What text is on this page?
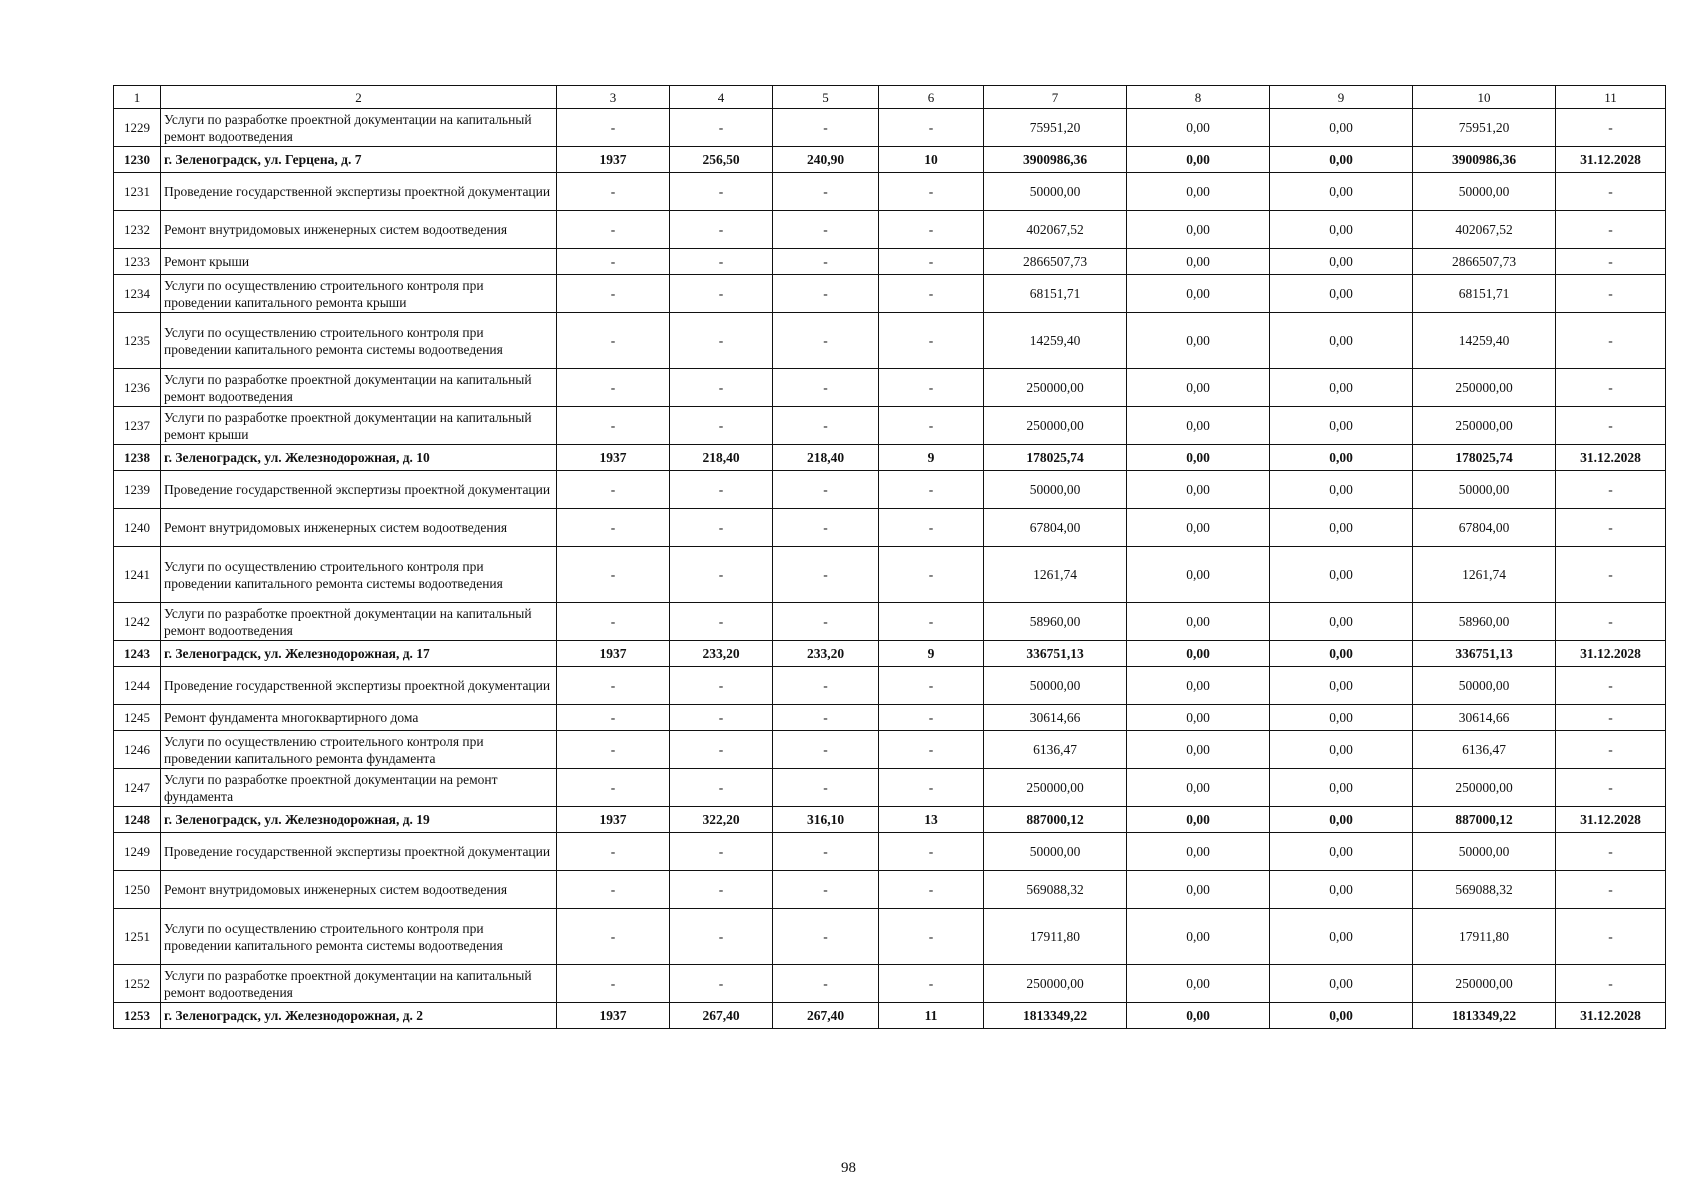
1	2	3	4	5	6	7	8	9	10	11
1229	Услуги по разработке проектной документации на капитальный ремонт водоотведения	-	-	-	-	75951,20	0,00	0,00	75951,20	-
1230	г. Зеленоградск, ул. Герцена, д. 7	1937	256,50	240,90	10	3900986,36	0,00	0,00	3900986,36	31.12.2028
1231	Проведение государственной экспертизы проектной документации	-	-	-	-	50000,00	0,00	0,00	50000,00	-
1232	Ремонт внутридомовых инженерных систем водоотведения	-	-	-	-	402067,52	0,00	0,00	402067,52	-
1233	Ремонт крыши	-	-	-	-	2866507,73	0,00	0,00	2866507,73	-
1234	Услуги по осуществлению строительного контроля при проведении капитального ремонта крыши	-	-	-	-	68151,71	0,00	0,00	68151,71	-
1235	Услуги по осуществлению строительного контроля при проведении капитального ремонта системы водоотведения	-	-	-	-	14259,40	0,00	0,00	14259,40	-
1236	Услуги по разработке проектной документации на капитальный ремонт водоотведения	-	-	-	-	250000,00	0,00	0,00	250000,00	-
1237	Услуги по разработке проектной документации на капитальный ремонт крыши	-	-	-	-	250000,00	0,00	0,00	250000,00	-
1238	г. Зеленоградск, ул. Железнодорожная, д. 10	1937	218,40	218,40	9	178025,74	0,00	0,00	178025,74	31.12.2028
1239	Проведение государственной экспертизы проектной документации	-	-	-	-	50000,00	0,00	0,00	50000,00	-
1240	Ремонт внутридомовых инженерных систем водоотведения	-	-	-	-	67804,00	0,00	0,00	67804,00	-
1241	Услуги по осуществлению строительного контроля при проведении капитального ремонта системы водоотведения	-	-	-	-	1261,74	0,00	0,00	1261,74	-
1242	Услуги по разработке проектной документации на капитальный ремонт водоотведения	-	-	-	-	58960,00	0,00	0,00	58960,00	-
1243	г. Зеленоградск, ул. Железнодорожная, д. 17	1937	233,20	233,20	9	336751,13	0,00	0,00	336751,13	31.12.2028
1244	Проведение государственной экспертизы проектной документации	-	-	-	-	50000,00	0,00	0,00	50000,00	-
1245	Ремонт фундамента многоквартирного дома	-	-	-	-	30614,66	0,00	0,00	30614,66	-
1246	Услуги по осуществлению строительного контроля при проведении капитального ремонта фундамента	-	-	-	-	6136,47	0,00	0,00	6136,47	-
1247	Услуги по разработке проектной документации на ремонт фундамента	-	-	-	-	250000,00	0,00	0,00	250000,00	-
1248	г. Зеленоградск, ул. Железнодорожная, д. 19	1937	322,20	316,10	13	887000,12	0,00	0,00	887000,12	31.12.2028
1249	Проведение государственной экспертизы проектной документации	-	-	-	-	50000,00	0,00	0,00	50000,00	-
1250	Ремонт внутридомовых инженерных систем водоотведения	-	-	-	-	569088,32	0,00	0,00	569088,32	-
1251	Услуги по осуществлению строительного контроля при проведении капитального ремонта системы водоотведения	-	-	-	-	17911,80	0,00	0,00	17911,80	-
1252	Услуги по разработке проектной документации на капитальный ремонт водоотведения	-	-	-	-	250000,00	0,00	0,00	250000,00	-
1253	г. Зеленоградск, ул. Железнодорожная, д. 2	1937	267,40	267,40	11	1813349,22	0,00	0,00	1813349,22	31.12.2028
98
